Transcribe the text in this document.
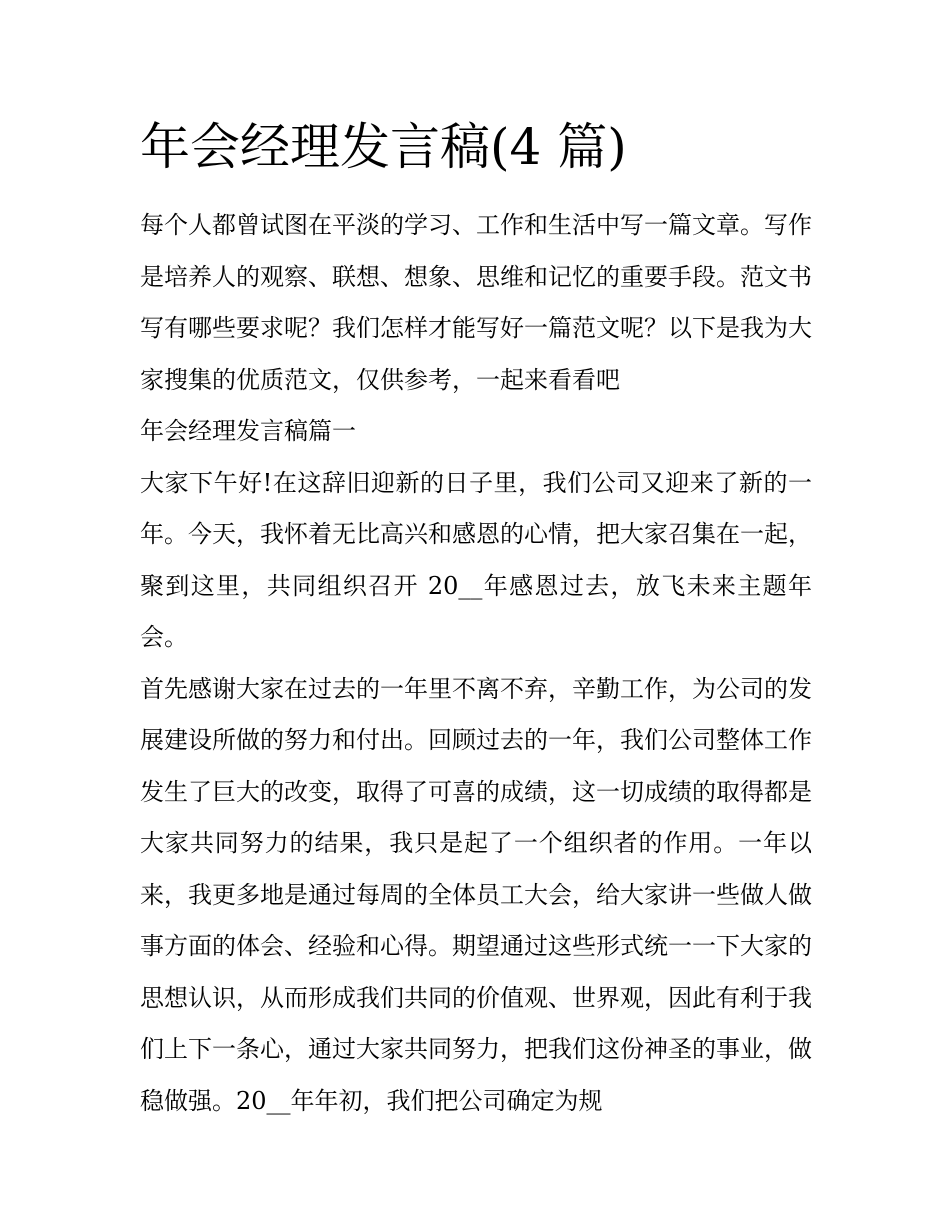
年会经理发言稿(4 篇)

每个人都曾试图在平淡的学习、工作和生活中写一篇文章。写作是培养人的观察、联想、想象、思维和记忆的重要手段。范文书写有哪些要求呢？我们怎样才能写好一篇范文呢？以下是我为大家搜集的优质范文，仅供参考，一起来看看吧

年会经理发言稿篇一

大家下午好!在这辞旧迎新的日子里，我们公司又迎来了新的一年。今天，我怀着无比高兴和感恩的心情，把大家召集在一起，聚到这里，共同组织召开 20__年感恩过去，放飞未来主题年会。

首先感谢大家在过去的一年里不离不弃，辛勤工作，为公司的发展建设所做的努力和付出。回顾过去的一年，我们公司整体工作发生了巨大的改变，取得了可喜的成绩，这一切成绩的取得都是大家共同努力的结果，我只是起了一个组织者的作用。一年以来，我更多地是通过每周的全体员工大会，给大家讲一些做人做事方面的体会、经验和心得。期望通过这些形式统一一下大家的思想认识，从而形成我们共同的价值观、世界观，因此有利于我们上下一条心，通过大家共同努力，把我们这份神圣的事业，做稳做强。20__年年初，我们把公司确定为规
